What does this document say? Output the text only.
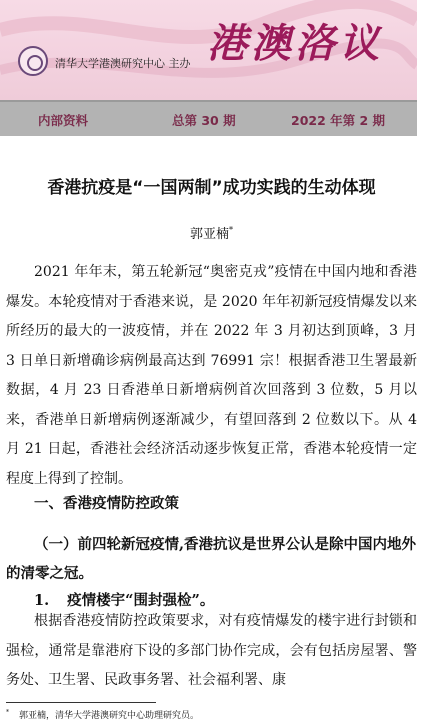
清华大学港澳研究中心 主办 港澳洛议
内部资料	总第 30 期	2022 年第 2 期
香港抗疫是“一国两制”成功实践的生动体现
郭亚楠*
2021 年年末，第五轮新冠“奥密克戎”疫情在中国内地和香港爆发。本轮疫情对于香港来说，是 2020 年年初新冠疫情爆发以来所经历的最大的一波疫情，并在 2022 年 3 月初达到顶峰，3 月 3 日单日新增确诊病例最高达到 76991 宗！根据香港卫生署最新数据，4 月 23 日香港单日新增病例首次回落到 3 位数，5 月以来，香港单日新增病例逐渐减少，有望回落到 2 位数以下。从 4 月 21 日起，香港社会经济活动逐步恢复正常，香港本轮疫情一定程度上得到了控制。
一、香港疫情防控政策
（一）前四轮新冠疫情,香港抗议是世界公认是除中国内地外的清零之冠。
1. 疫情楼宇“围封强检”。
根据香港疫情防控政策要求，对有疫情爆发的楼宇进行封锁和强检，通常是靠港府下设的多部门协作完成，会有包括房屋署、警务处、卫生署、民政事务署、社会福利署、康
* 郭亚楠，清华大学港澳研究中心助理研究员。
